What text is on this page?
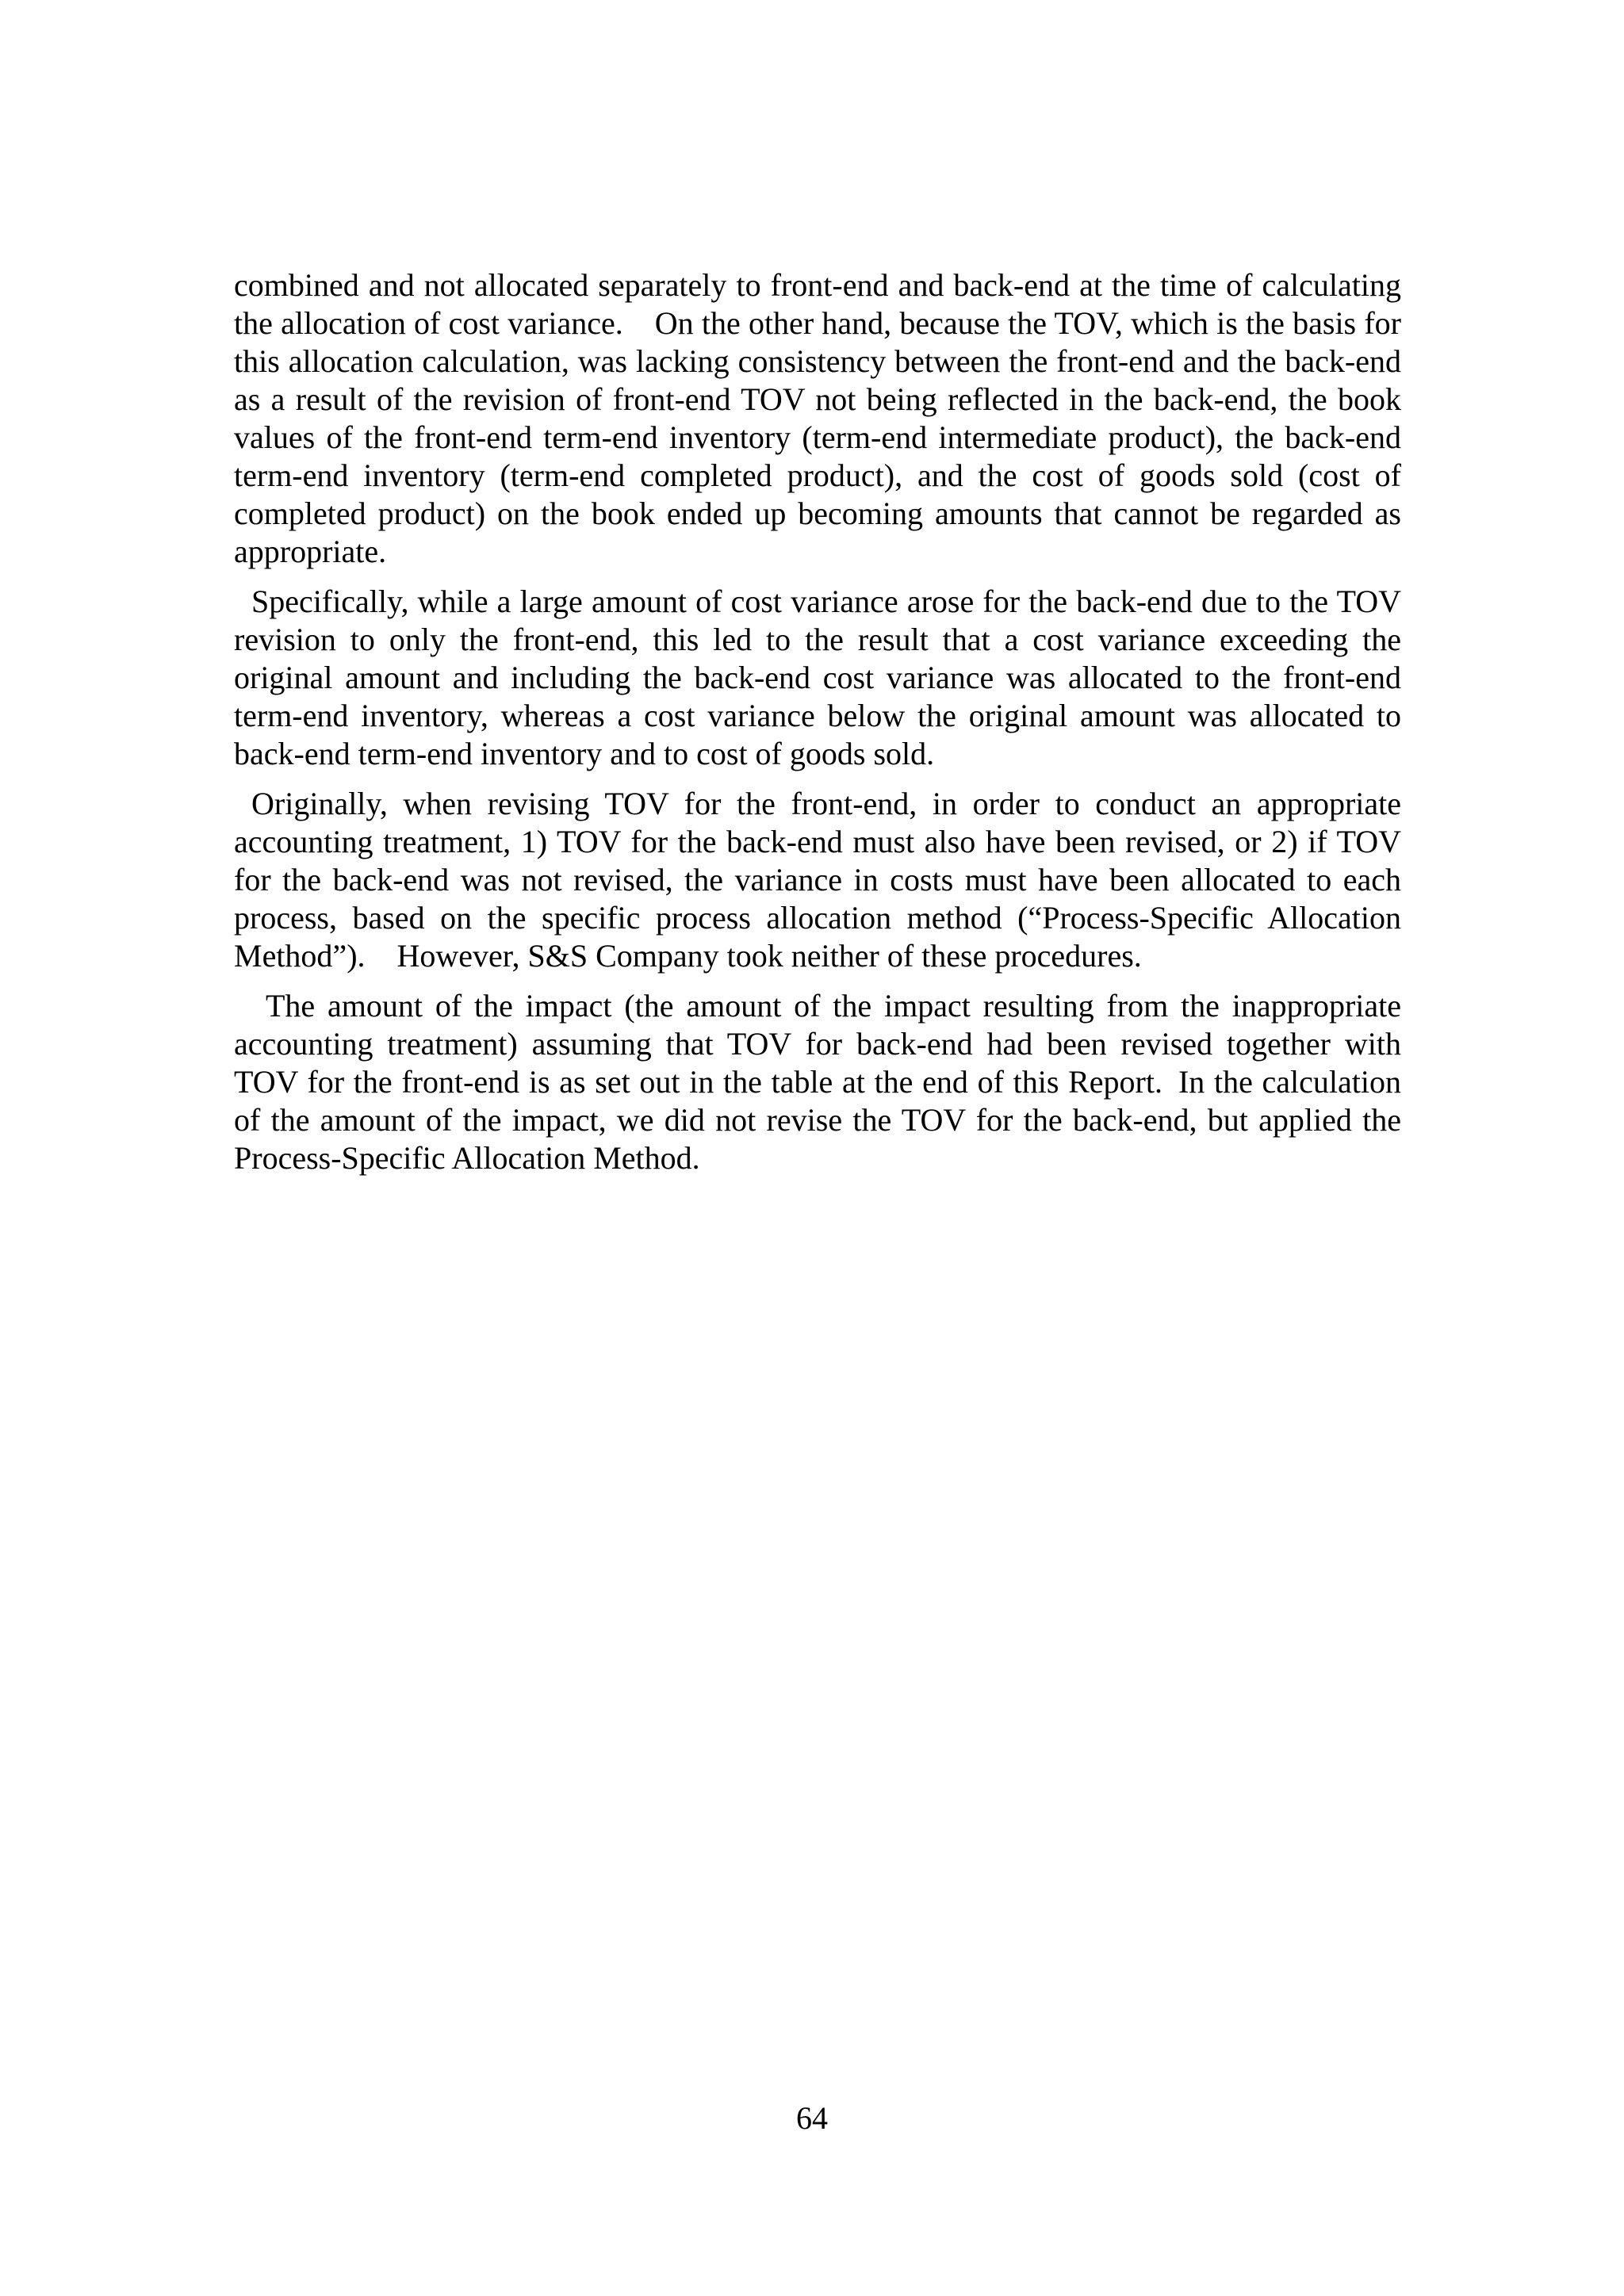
combined and not allocated separately to front-end and back-end at the time of calculating the allocation of cost variance. On the other hand, because the TOV, which is the basis for this allocation calculation, was lacking consistency between the front-end and the back-end as a result of the revision of front-end TOV not being reflected in the back-end, the book values of the front-end term-end inventory (term-end intermediate product), the back-end term-end inventory (term-end completed product), and the cost of goods sold (cost of completed product) on the book ended up becoming amounts that cannot be regarded as appropriate.

Specifically, while a large amount of cost variance arose for the back-end due to the TOV revision to only the front-end, this led to the result that a cost variance exceeding the original amount and including the back-end cost variance was allocated to the front-end term-end inventory, whereas a cost variance below the original amount was allocated to back-end term-end inventory and to cost of goods sold.

Originally, when revising TOV for the front-end, in order to conduct an appropriate accounting treatment, 1) TOV for the back-end must also have been revised, or 2) if TOV for the back-end was not revised, the variance in costs must have been allocated to each process, based on the specific process allocation method (“Process-Specific Allocation Method”). However, S&S Company took neither of these procedures.

The amount of the impact (the amount of the impact resulting from the inappropriate accounting treatment) assuming that TOV for back-end had been revised together with TOV for the front-end is as set out in the table at the end of this Report. In the calculation of the amount of the impact, we did not revise the TOV for the back-end, but applied the Process-Specific Allocation Method.

64
